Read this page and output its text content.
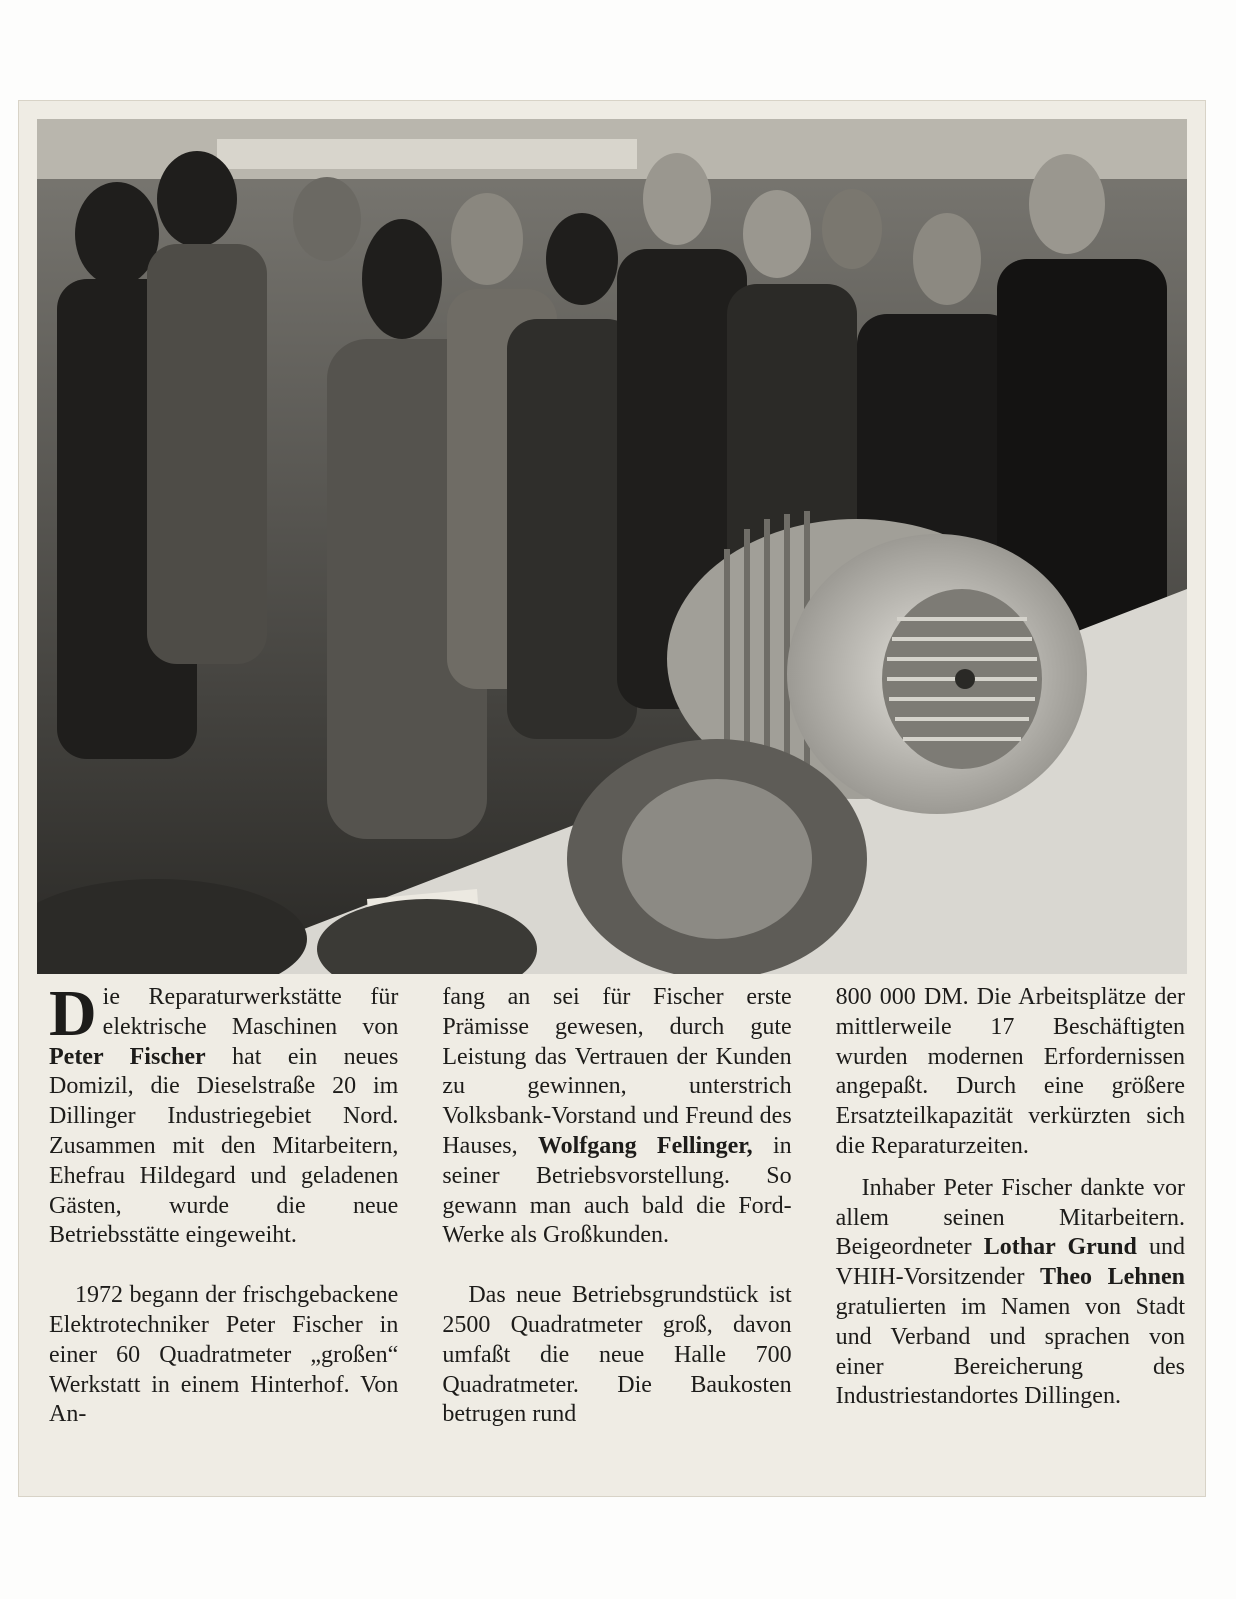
Die Reparaturwerkstätte für elektrische Maschinen von Peter Fischer hat ein neues Domizil, die Dieselstraße 20 im Dillinger Industriegebiet Nord. Zusammen mit den Mitarbeitern, Ehefrau Hildegard und geladenen Gästen, wurde die neue Betriebsstätte eingeweiht.

1972 begann der frischgebackene Elektrotechniker Peter Fischer in einer 60 Quadratmeter „großen“ Werkstatt in einem Hinterhof. Von An-

fang an sei für Fischer erste Prämisse gewesen, durch gute Leistung das Vertrauen der Kunden zu gewinnen, unterstrich Volksbank-Vorstand und Freund des Hauses, Wolfgang Fellinger, in seiner Betriebsvorstellung. So gewann man auch bald die Ford-Werke als Großkunden.

Das neue Betriebsgrundstück ist 2500 Quadratmeter groß, davon umfaßt die neue Halle 700 Quadratmeter. Die Baukosten betrugen rund

800 000 DM. Die Arbeitsplätze der mittlerweile 17 Beschäftigten wurden modernen Erfordernissen angepaßt. Durch eine größere Ersatzteilkapazität verkürzten sich die Reparaturzeiten.

Inhaber Peter Fischer dankte vor allem seinen Mitarbeitern. Beigeordneter Lothar Grund und VHIH-Vorsitzender Theo Lehnen gratulierten im Namen von Stadt und Verband und sprachen von einer Bereicherung des Industriestandortes Dillingen.
